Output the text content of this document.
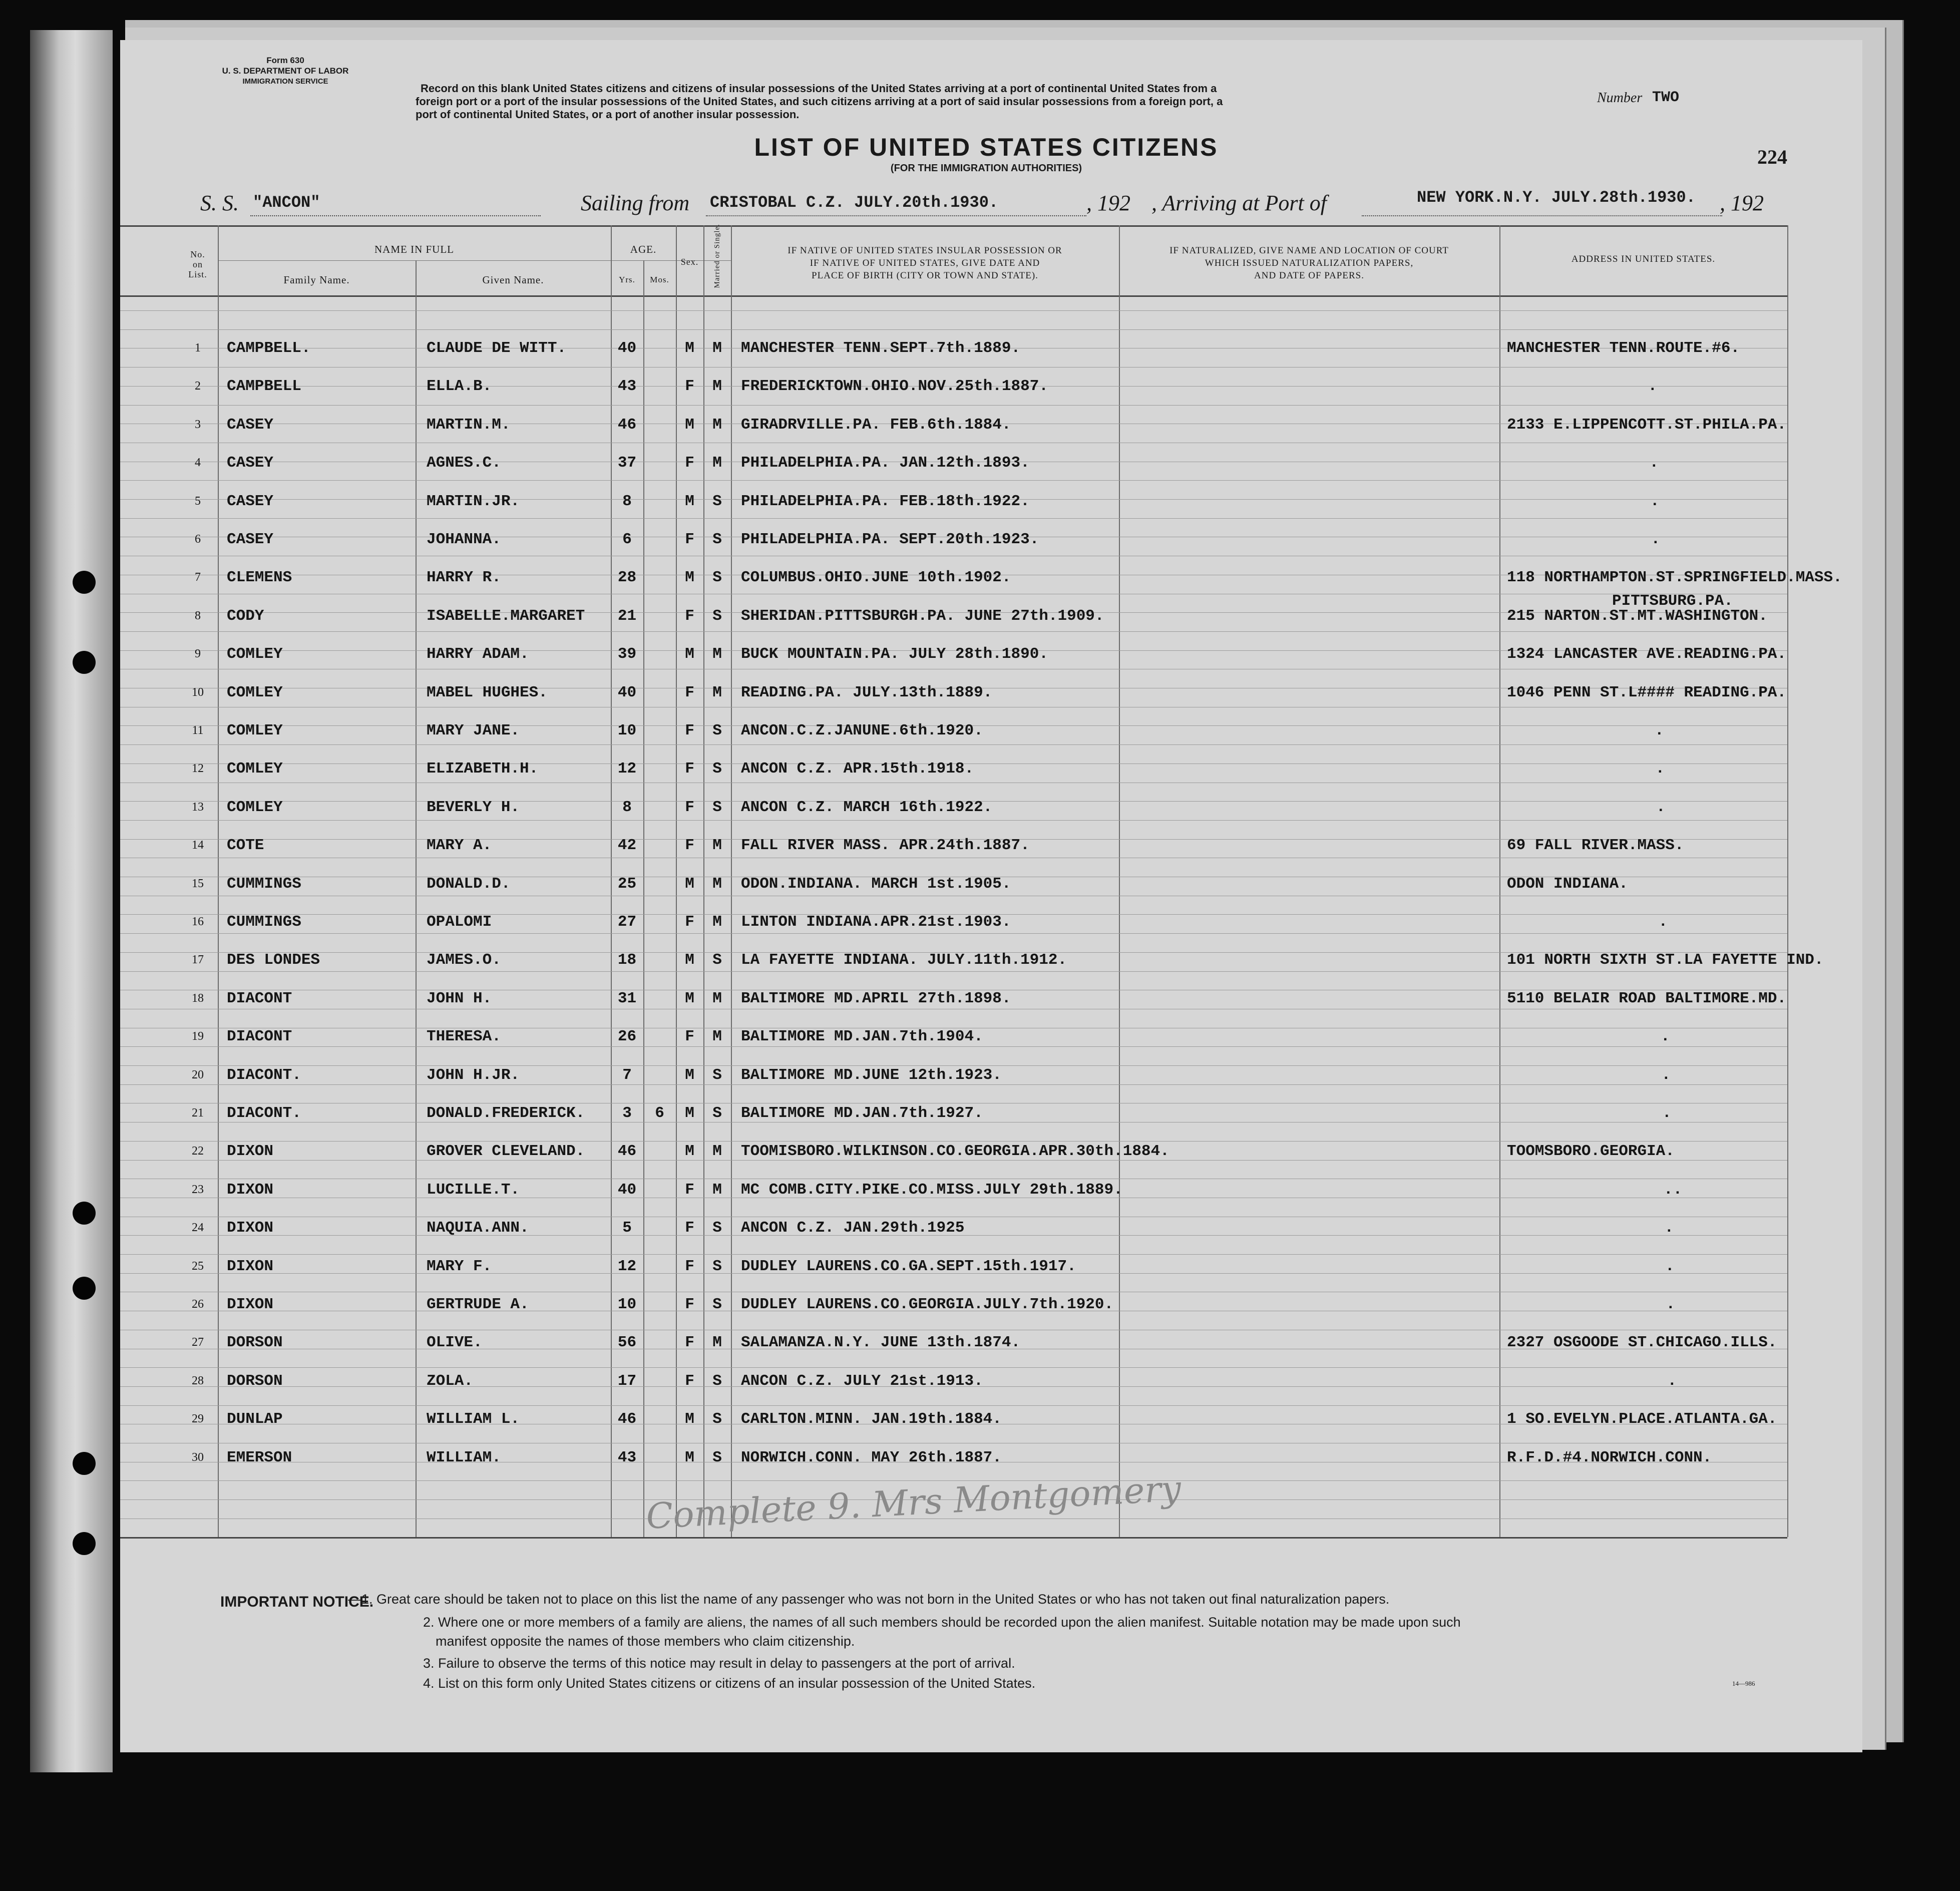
Form 630
U. S. DEPARTMENT OF LABOR
IMMIGRATION SERVICE
Record on this blank United States citizens and citizens of insular possessions of the United States arriving at a port of continental United States from a
foreign port or a port of the insular possessions of the United States, and such citizens arriving at a port of said insular possessions from a foreign port, a
port of continental United States, or a port of another insular possession.
Number TWO
LIST OF UNITED STATES CITIZENS
(FOR THE IMMIGRATION AUTHORITIES)	224
S. S. "ANCON"	Sailing from CRISTOBAL C.Z. JULY.20th.1930.	, 192 , Arriving at Port of	NEW YORK.N.Y. JULY.28th.1930. , 192
No.
on
List.
NAME IN FULL
Family Name.	Given Name.
AGE.
Yrs.	Mos.
Sex.	Married or Single.	IF NATIVE OF UNITED STATES INSULAR POSSESSION OR
IF NATIVE OF UNITED STATES, GIVE DATE AND
PLACE OF BIRTH (CITY OR TOWN AND STATE).
IF NATURALIZED, GIVE NAME AND LOCATION OF COURT
WHICH ISSUED NATURALIZATION PAPERS,
AND DATE OF PAPERS.
ADDRESS IN UNITED STATES.
1	CAMPBELL.	CLAUDE DE WITT.	40	M	M	MANCHESTER TENN.SEPT.7th.1889.	MANCHESTER TENN.ROUTE.#6.
2	CAMPBELL	ELLA.B.	43	F	M	FREDERICKTOWN.OHIO.NOV.25th.1887.	.
3	CASEY	MARTIN.M.	46	M	M	GIRADRVILLE.PA. FEB.6th.1884.	2133 E.LIPPENCOTT.ST.PHILA.PA.
4	CASEY	AGNES.C.	37	F	M	PHILADELPHIA.PA. JAN.12th.1893.	.
5	CASEY	MARTIN.JR.	8	M	S	PHILADELPHIA.PA. FEB.18th.1922.	.
6	CASEY	JOHANNA.	6	F	S	PHILADELPHIA.PA. SEPT.20th.1923.	.
7	CLEMENS	HARRY R.	28	M	S	COLUMBUS.OHIO.JUNE 10th.1902.	118 NORTHAMPTON.ST.SPRINGFIELD.MASS.
8	CODY	ISABELLE.MARGARET	21	F	S	SHERIDAN.PITTSBURGH.PA. JUNE 27th.1909.	215 NARTON.ST.MT.WASHINGTON.
PITTSBURG.PA.
9	COMLEY	HARRY ADAM.	39	M	M	BUCK MOUNTAIN.PA. JULY 28th.1890.	1324 LANCASTER AVE.READING.PA.
10	COMLEY	MABEL HUGHES.	40	F	M	READING.PA. JULY.13th.1889.	1046 PENN ST.L#### READING.PA.
11	COMLEY	MARY JANE.	10	F	S	ANCON.C.Z.JANUNE.6th.1920.	.
12	COMLEY	ELIZABETH.H.	12	F	S	ANCON C.Z. APR.15th.1918.	.
13	COMLEY	BEVERLY H.	8	F	S	ANCON C.Z. MARCH 16th.1922.	.
14	COTE	MARY A.	42	F	M	FALL RIVER MASS. APR.24th.1887.	69 FALL RIVER.MASS.
15	CUMMINGS	DONALD.D.	25	M	M	ODON.INDIANA. MARCH 1st.1905.	ODON INDIANA.
16	CUMMINGS	OPALOMI	27	F	M	LINTON INDIANA.APR.21st.1903.	.
17	DES LONDES	JAMES.O.	18	M	S	LA FAYETTE INDIANA. JULY.11th.1912.	101 NORTH SIXTH ST.LA FAYETTE IND.
18	DIACONT	JOHN H.	31	M	M	BALTIMORE MD.APRIL 27th.1898.	5110 BELAIR ROAD BALTIMORE.MD.
19	DIACONT	THERESA.	26	F	M	BALTIMORE MD.JAN.7th.1904.	.
20	DIACONT.	JOHN H.JR.	7	M	S	BALTIMORE MD.JUNE 12th.1923.	.
21	DIACONT.	DONALD.FREDERICK.	3	6	M	S	BALTIMORE MD.JAN.7th.1927.	.
22	DIXON	GROVER CLEVELAND.	46	M	M	TOOMISBORO.WILKINSON.CO.GEORGIA.APR.30th.1884.	TOOMSBORO.GEORGIA.
23	DIXON	LUCILLE.T.	40	F	M	MC COMB.CITY.PIKE.CO.MISS.JULY 29th.1889.	..
24	DIXON	NAQUIA.ANN.	5	F	S	ANCON C.Z. JAN.29th.1925	.
25	DIXON	MARY F.	12	F	S	DUDLEY LAURENS.CO.GA.SEPT.15th.1917.	.
26	DIXON	GERTRUDE A.	10	F	S	DUDLEY LAURENS.CO.GEORGIA.JULY.7th.1920.	.
27	DORSON	OLIVE.	56	F	M	SALAMANZA.N.Y. JUNE 13th.1874.	2327 OSGOODE ST.CHICAGO.ILLS.
28	DORSON	ZOLA.	17	F	S	ANCON C.Z. JULY 21st.1913.	.
29	DUNLAP	WILLIAM L.	46	M	S	CARLTON.MINN. JAN.19th.1884.	1 SO.EVELYN.PLACE.ATLANTA.GA.
30	EMERSON	WILLIAM.	43	M	S	NORWICH.CONN. MAY 26th.1887.	R.F.D.#4.NORWICH.CONN.
Complete 9. Mrs Montgomery
IMPORTANT NOTICE.
—1. Great care should be taken not to place on this list the name of any passenger who was not born in the United States or who has not taken out final naturalization papers.
2. Where one or more members of a family are aliens, the names of all such members should be recorded upon the alien manifest. Suitable notation may be made upon such
manifest opposite the names of those members who claim citizenship.
3. Failure to observe the terms of this notice may result in delay to passengers at the port of arrival.
4. List on this form only United States citizens or citizens of an insular possession of the United States.	14—986
